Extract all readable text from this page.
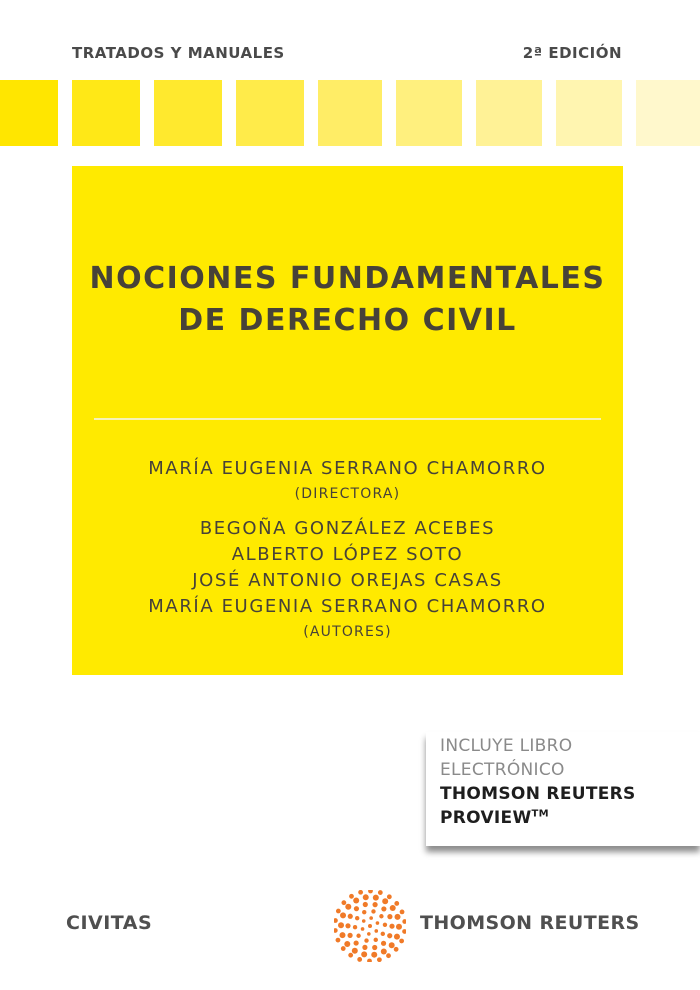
TRATADOS Y MANUALES	2ª EDICIÓN
NOCIONES FUNDAMENTALES
DE DERECHO CIVIL
MARÍA EUGENIA SERRANO CHAMORRO
(DIRECTORA)
BEGOÑA GONZÁLEZ ACEBES
ALBERTO LÓPEZ SOTO
JOSÉ ANTONIO OREJAS CASAS
MARÍA EUGENIA SERRANO CHAMORRO
(AUTORES)
INCLUYE LIBRO
ELECTRÓNICO
THOMSON REUTERS
PROVIEW™
CIVITAS	THOMSON REUTERS
